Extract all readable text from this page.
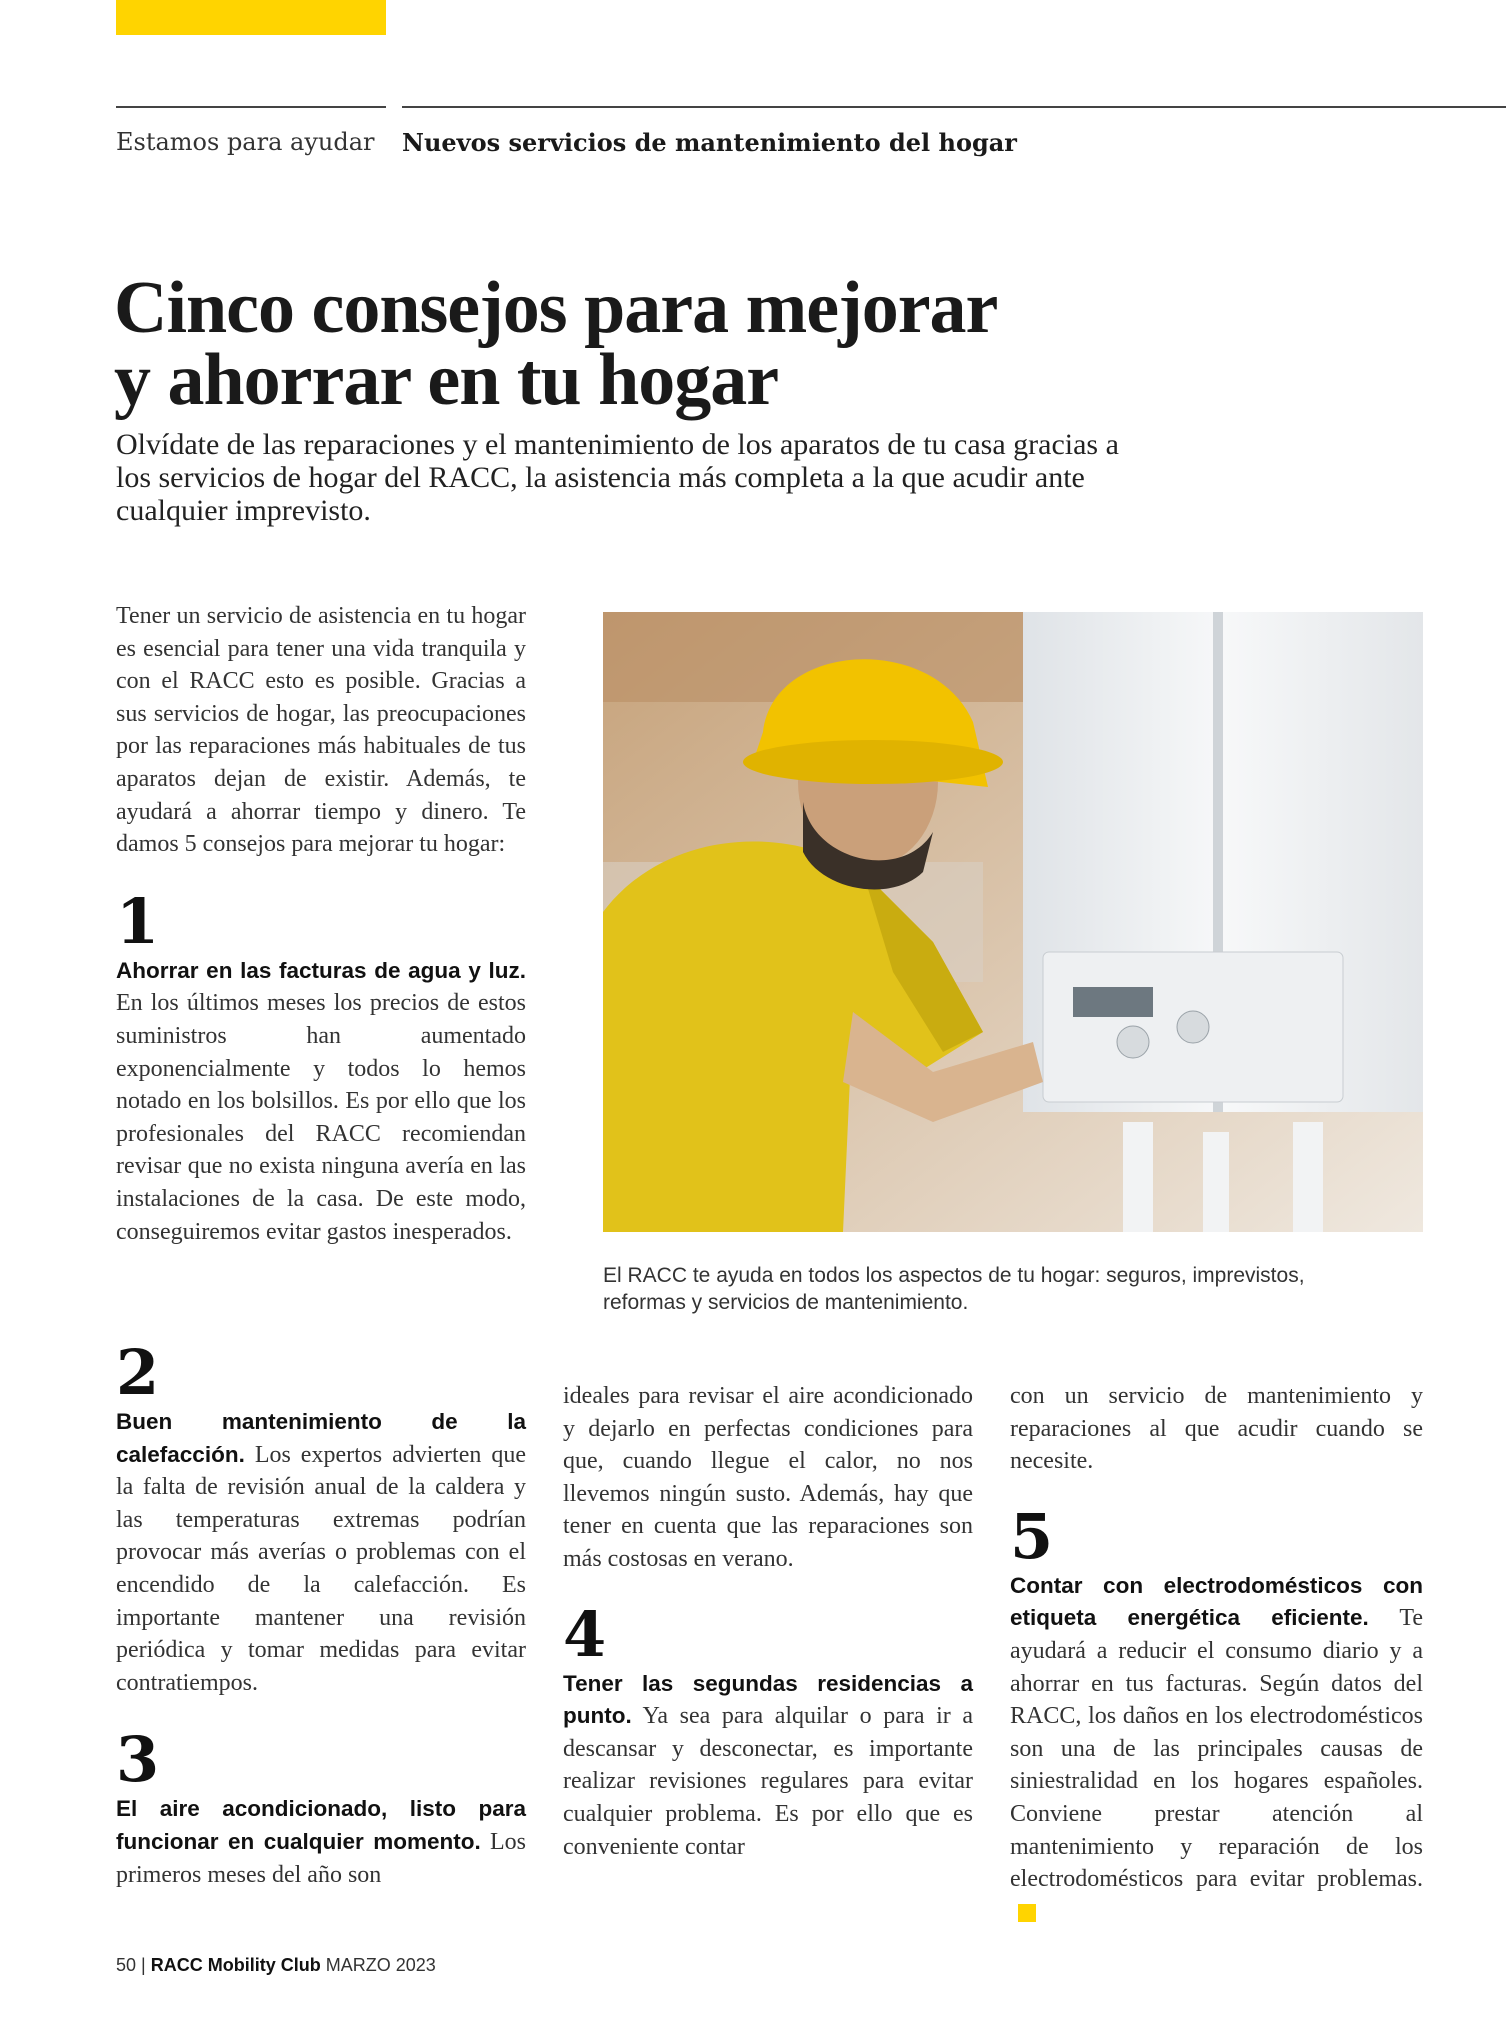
Estamos para ayudar Nuevos servicios de mantenimiento del hogar
Cinco consejos para mejorar
y ahorrar en tu hogar

Olvídate de las reparaciones y el mantenimiento de los aparatos de tu casa gracias a los servicios de hogar del RACC, la asistencia más completa a la que acudir ante cualquier imprevisto.

Tener un servicio de asistencia en tu hogar es esencial para tener una vida tranquila y con el RACC esto es posible. Gracias a sus servicios de hogar, las preocupaciones por las reparaciones más habituales de tus aparatos dejan de existir. Además, te ayudará a ahorrar tiempo y dinero. Te damos 5 consejos para mejorar tu hogar:

1

Ahorrar en las facturas de agua y luz. En los últimos meses los precios de estos suministros han aumentado exponencialmente y todos lo hemos notado en los bolsillos. Es por ello que los profesionales del RACC recomiendan revisar que no exista ninguna avería en las instalaciones de la casa. De este modo, conseguiremos evitar gastos inesperados.

El RACC te ayuda en todos los aspectos de tu hogar: seguros, imprevistos, reformas y servicios de mantenimiento.

2

Buen mantenimiento de la calefacción. Los expertos advierten que la falta de revisión anual de la caldera y las temperaturas extremas podrían provocar más averías o problemas con el encendido de la calefacción. Es importante mantener una revisión periódica y tomar medidas para evitar contratiempos.

3

El aire acondicionado, listo para funcionar en cualquier momento. Los primeros meses del año son

ideales para revisar el aire acondicionado y dejarlo en perfectas condiciones para que, cuando llegue el calor, no nos llevemos ningún susto. Además, hay que tener en cuenta que las reparaciones son más costosas en verano.

4

Tener las segundas residencias a punto. Ya sea para alquilar o para ir a descansar y desconectar, es importante realizar revisiones regulares para evitar cualquier problema. Es por ello que es conveniente contar

con un servicio de mantenimiento y reparaciones al que acudir cuando se necesite.

5

Contar con electrodomésticos con etiqueta energética eficiente. Te ayudará a reducir el consumo diario y a ahorrar en tus facturas. Según datos del RACC, los daños en los electrodomésticos son una de las principales causas de siniestralidad en los hogares españoles. Conviene prestar atención al mantenimiento y reparación de los electrodomésticos para evitar problemas.

50 | RACC Mobility Club MARZO 2023
